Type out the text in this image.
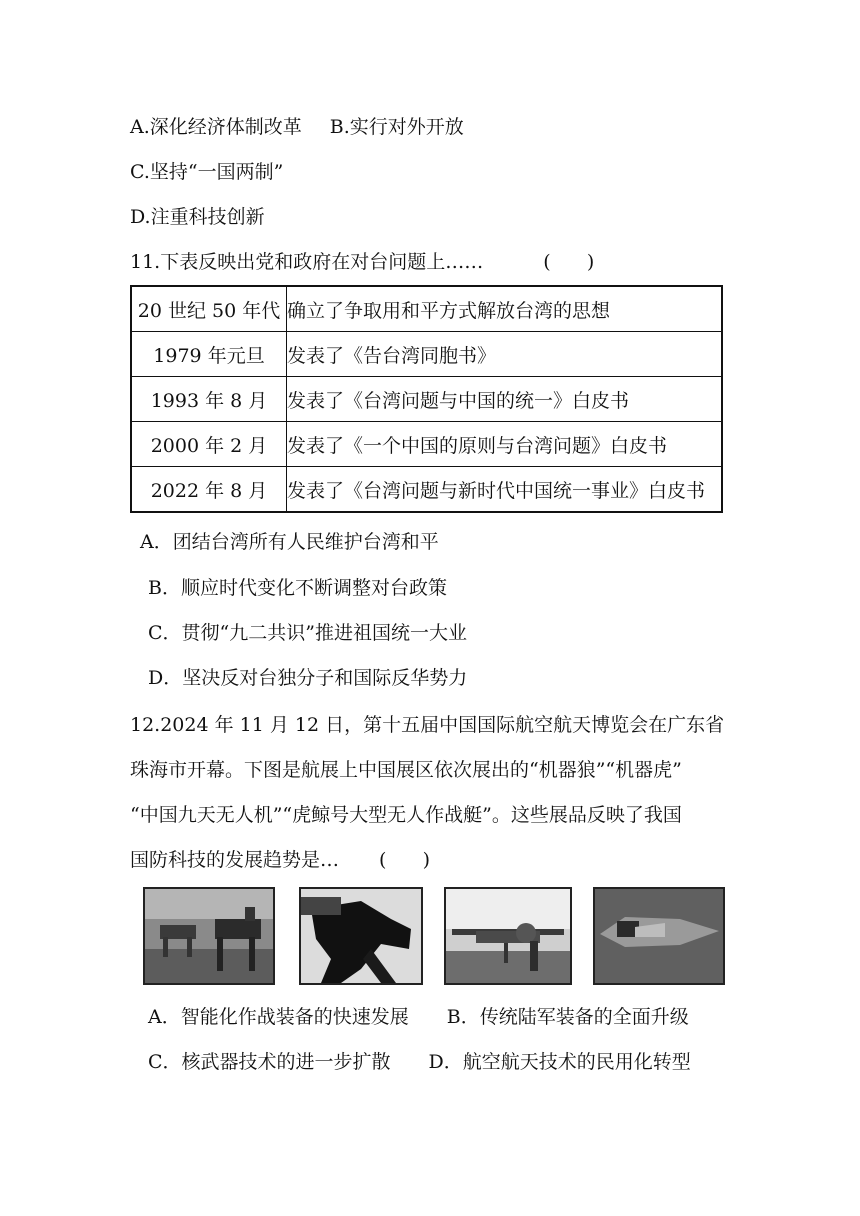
A.深化经济体制改革 B.实行对外开放
C.坚持“一国两制”
D.注重科技创新
11.下表反映出党和政府在对台问题上……	(      )
20 世纪 50 年代	确立了争取用和平方式解放台湾的思想
1979 年元旦	发表了《告台湾同胞书》
1993 年 8 月	发表了《台湾问题与中国的统一》白皮书
2000 年 2 月	发表了《一个中国的原则与台湾问题》白皮书
2022 年 8 月	发表了《台湾问题与新时代中国统一事业》白皮书
A．团结台湾所有人民维护台湾和平
B．顺应时代变化不断调整对台政策
C．贯彻“九二共识”推进祖国统一大业
D．坚决反对台独分子和国际反华势力
12.2024 年 11 月 12 日，第十五届中国国际航空航天博览会在广东省
珠海市开幕。下图是航展上中国展区依次展出的“机器狼”“机器虎”
“中国九天无人机”“虎鲸号大型无人作战艇”。这些展品反映了我国
国防科技的发展趋势是… (      )
A．智能化作战装备的快速发展 B．传统陆军装备的全面升级
C．核武器技术的进一步扩散 D．航空航天技术的民用化转型
